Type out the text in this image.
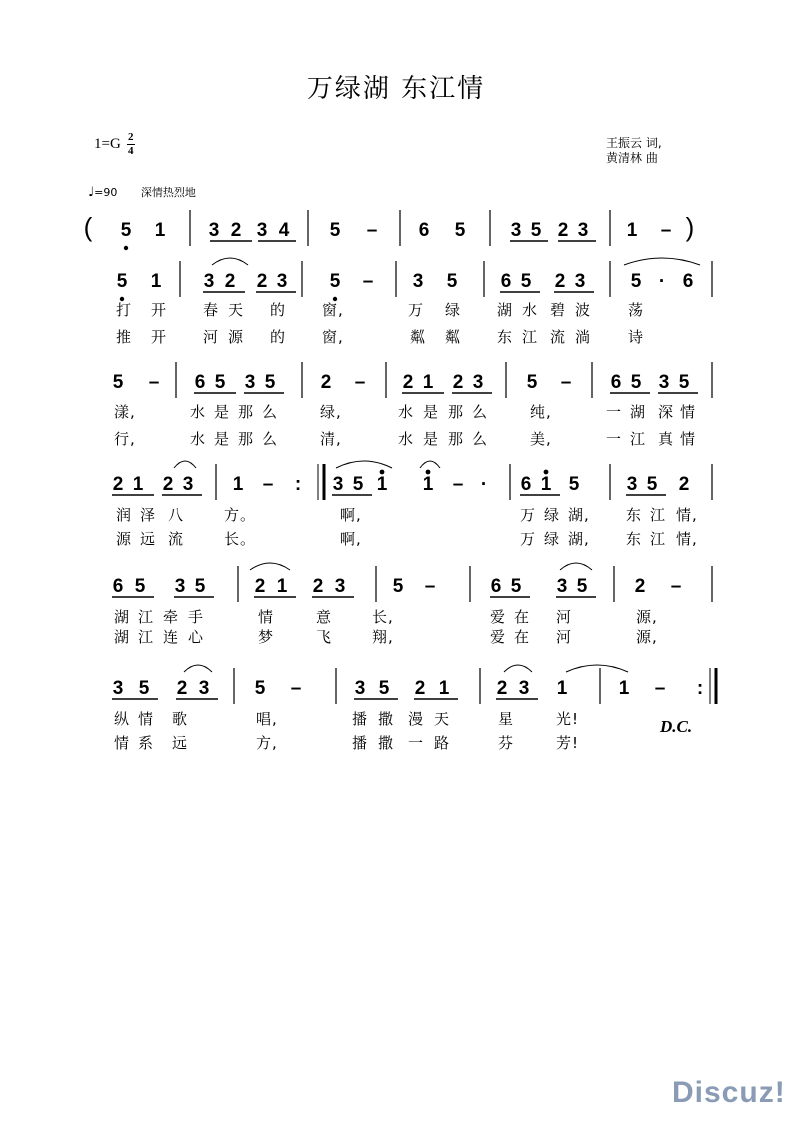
万绿湖 东江情
$1=G \frac{2}{4}$	王振云 词,
黄清林 曲
♩=90 深情热烈地
( 5 1 3 2 3 4 5 – 6 5 3 5 2 3 1 – )
5 1 3 2 2 3 5 – 3 5 6 5 2 3 5 · 6
打 开 春 天 的 窗,	万 绿 湖 水 碧 波 荡
推 开 河 源 的 窗,	粼 粼 东 江 流 淌 诗
5 – 6 5 3 5 2 – 2 1 2 3 5 – 6 5 3 5
漾,	水 是 那 么	绿,	水 是 那 么	纯,	一 湖 深 情
行,	水 是 那 么	清,	水 是 那 么	美,	一 江 真 情
2 1 2 3 1 – : 3 5 1 1 – · 6 1 5 3 5 2
润 泽 八	方。	啊,	万 绿 湖, 东 江 情,
源 远 流	长。	啊,	万 绿 湖, 东 江 情,
6 5 3 5	2 1 2 3 5 –	6 5 3 5 2 –
湖 江 牵 手	情	意	长,	爱 在 河	源,
湖 江 连 心	梦	飞	翔,	爱 在 河	源,
3 5 2 3 5 –	3 5 2 1 2 3 1	1 – :
纵 情 歌	唱,	播 撒 漫 天	星	光!
情 系 远	方,	播 撒 一 路	芬	芳!
D.C.
Discuz!
